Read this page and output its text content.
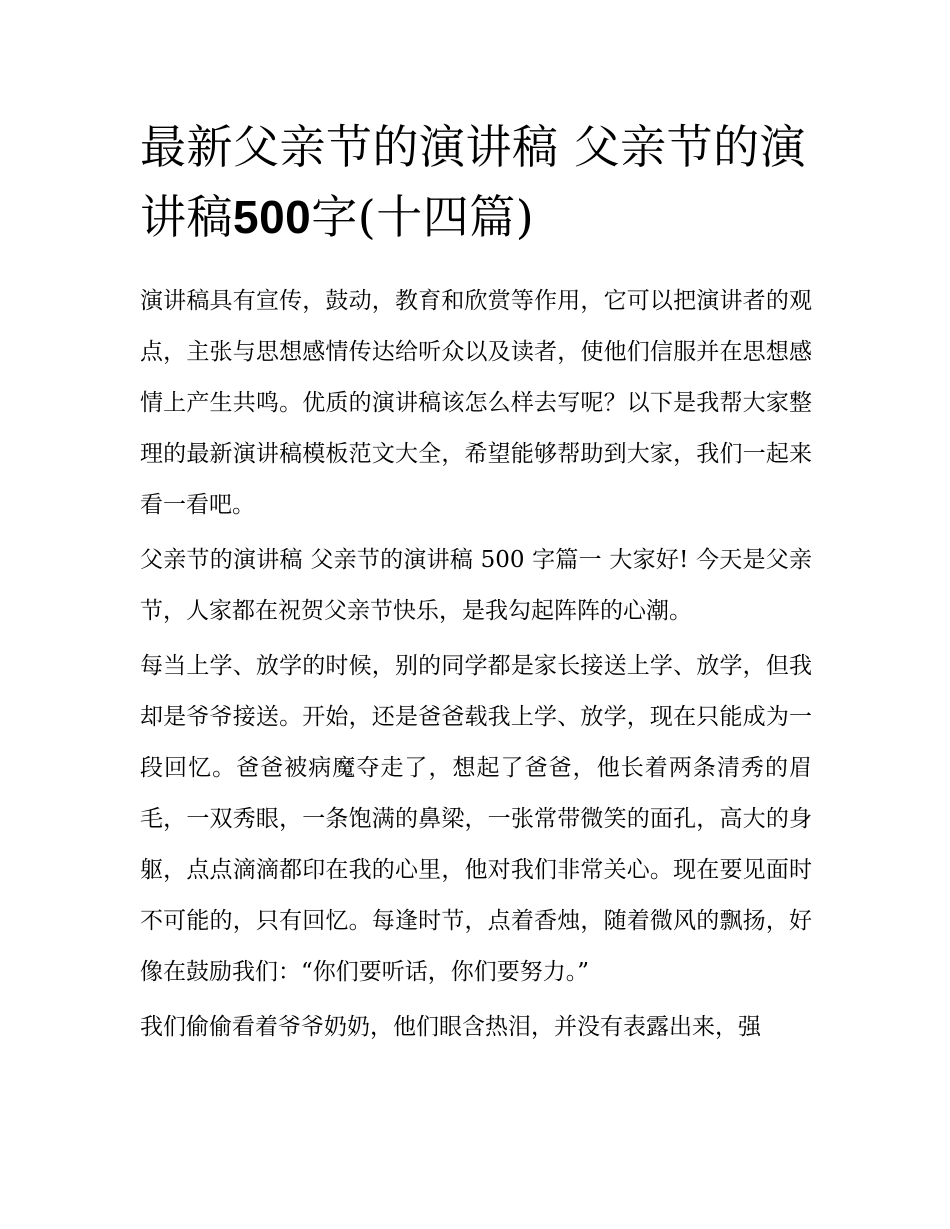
最新父亲节的演讲稿 父亲节的演讲稿500字(十四篇)

演讲稿具有宣传，鼓动，教育和欣赏等作用，它可以把演讲者的观点，主张与思想感情传达给听众以及读者，使他们信服并在思想感情上产生共鸣。优质的演讲稿该怎么样去写呢？以下是我帮大家整理的最新演讲稿模板范文大全，希望能够帮助到大家，我们一起来看一看吧。

父亲节的演讲稿 父亲节的演讲稿 500 字篇一 大家好! 今天是父亲节，人家都在祝贺父亲节快乐，是我勾起阵阵的心潮。

每当上学、放学的时候，别的同学都是家长接送上学、放学，但我却是爷爷接送。开始，还是爸爸载我上学、放学，现在只能成为一段回忆。爸爸被病魔夺走了，想起了爸爸，他长着两条清秀的眉毛，一双秀眼，一条饱满的鼻梁，一张常带微笑的面孔，高大的身躯，点点滴滴都印在我的心里，他对我们非常关心。现在要见面时不可能的，只有回忆。每逢时节，点着香烛，随着微风的飘扬，好像在鼓励我们：“你们要听话，你们要努力。”

我们偷偷看着爷爷奶奶，他们眼含热泪，并没有表露出来，强
